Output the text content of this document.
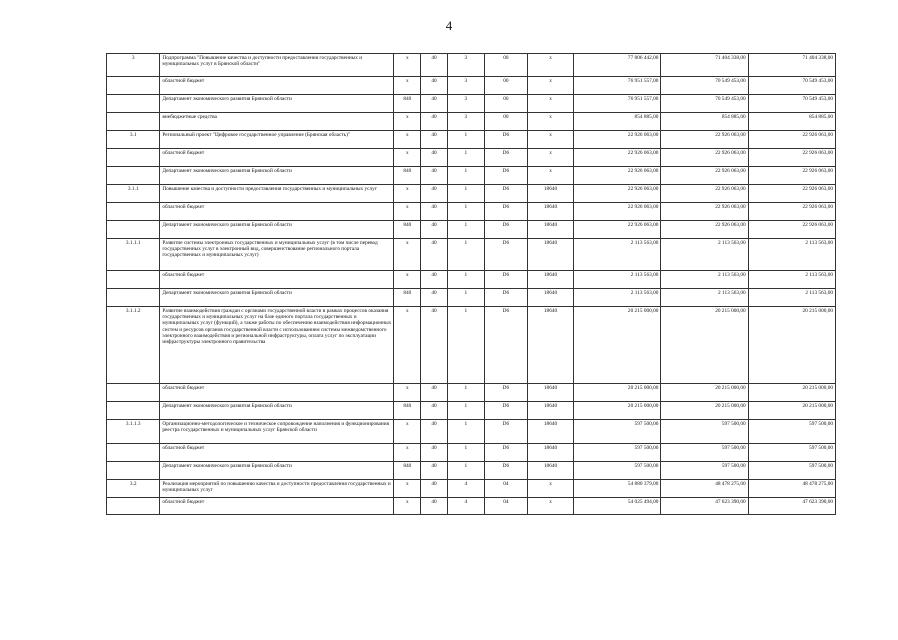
4
3	Подпрограмма "Повышение качества и доступности предоставления государственных и муниципальных услуг в Брянской области"	x	40	3	00	x	77 806 442,00	71 404 338,00	71 404 338,00
	областной бюджет	x	40	3	00	x	76 951 557,00	70 549 453,00	70 549 453,00
	Департамент экономического развития Брянской области	840	40	3	00	x	76 951 557,00	70 549 453,00	70 549 453,00
	внебюджетные средства	x	40	3	00	x	854 885,00	854 885,00	854 885,00
3.1	Региональный проект "Цифровое государственное управление (Брянская область)"	x	40	1	D6	x	22 926 063,00	22 926 063,00	22 926 063,00
	областной бюджет	x	40	1	D6	x	22 926 063,00	22 926 063,00	22 926 063,00
	Департамент экономического развития Брянской области	840	40	1	D6	x	22 926 063,00	22 926 063,00	22 926 063,00
3.1.1	Повышение качества и доступности предоставления государственных и муниципальных услуг	x	40	1	D6	18640	22 926 063,00	22 926 063,00	22 926 063,00
	областной бюджет	x	40	1	D6	18640	22 926 063,00	22 926 063,00	22 926 063,00
	Департамент экономического развития Брянской области	840	40	1	D6	18640	22 926 063,00	22 926 063,00	22 926 063,00
3.1.1.1	Развитие системы электронных государственных и муниципальных услуг (в том числе перевод государственных услуг в электронный вид, совершенствование регионального портала государственных и муниципальных услуг)	x	40	1	D6	18640	2 113 563,00	2 113 563,00	2 113 563,00
	областной бюджет	x	40	1	D6	18640	2 113 563,00	2 113 563,00	2 113 563,00
	Департамент экономического развития Брянской области	840	40	1	D6	18640	2 113 563,00	2 113 563,00	2 113 563,00
3.1.1.2	Развитие взаимодействия граждан с органами государственной власти в рамках процессов оказания государственных и муниципальных услуг на базе единого портала государственных и муниципальных услуг (функций), а также работы по обеспечению взаимодействия информационных систем и ресурсов органов государственной власти с использованием системы межведомственного электронного взаимодействия и региональной инфраструктуры, оплата услуг по эксплуатации инфраструктуры электронного правительства	x	40	1	D6	18640	20 215 000,00	20 215 000,00	20 215 000,00
	областной бюджет	x	40	1	D6	18640	20 215 000,00	20 215 000,00	20 215 000,00
	Департамент экономического развития Брянской области	840	40	1	D6	18640	20 215 000,00	20 215 000,00	20 215 000,00
3.1.1.3	Организационно-методологическое и техническое сопровождение наполнения и функционирования реестра государственных и муниципальных услуг Брянской области	x	40	1	D6	18640	597 500,00	597 500,00	597 500,00
	областной бюджет	x	40	1	D6	18640	597 500,00	597 500,00	597 500,00
	Департамент экономического развития Брянской области	840	40	1	D6	18640	597 500,00	597 500,00	597 500,00
3.2	Реализация мероприятий по повышению качества и доступности предоставления государственных и муниципальных услуг	x	40	4	04	x	54 880 379,00	48 478 275,00	48 478 275,00
	областной бюджет	x	40	4	04	x	54 025 494,00	47 623 390,00	47 623 390,00
